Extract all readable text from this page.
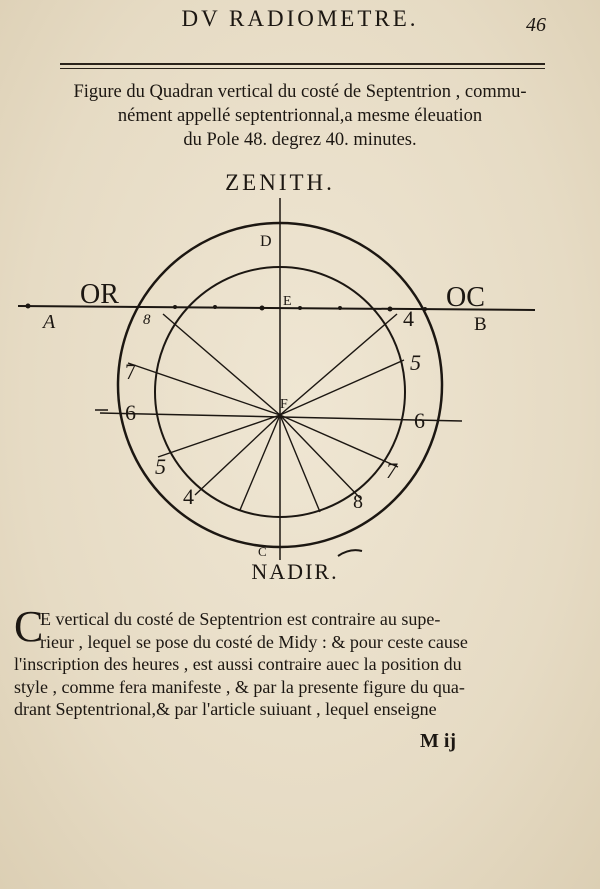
DV RADIOMETRE.	46
Figure du Quadran vertical du costé de Septentrion , commu-
nément appellé septentrionnal,a mesme éleuation
du Pole 48. degrez 40. minutes.
ZENITH.
OR	OC
A	B
D
E
F
C
8
7
6
5
4
4
5
6
7
8
NADIR.
C
E vertical du costé de Septentrion est contraire au supe-
rieur , lequel se pose du costé de Midy : & pour ceste cause
l'inscription des heures , est aussi contraire auec la position du
style , comme fera manifeste , & par la presente figure du qua-
drant Septentrional,& par l'article suiuant , lequel enseigne
M ij
